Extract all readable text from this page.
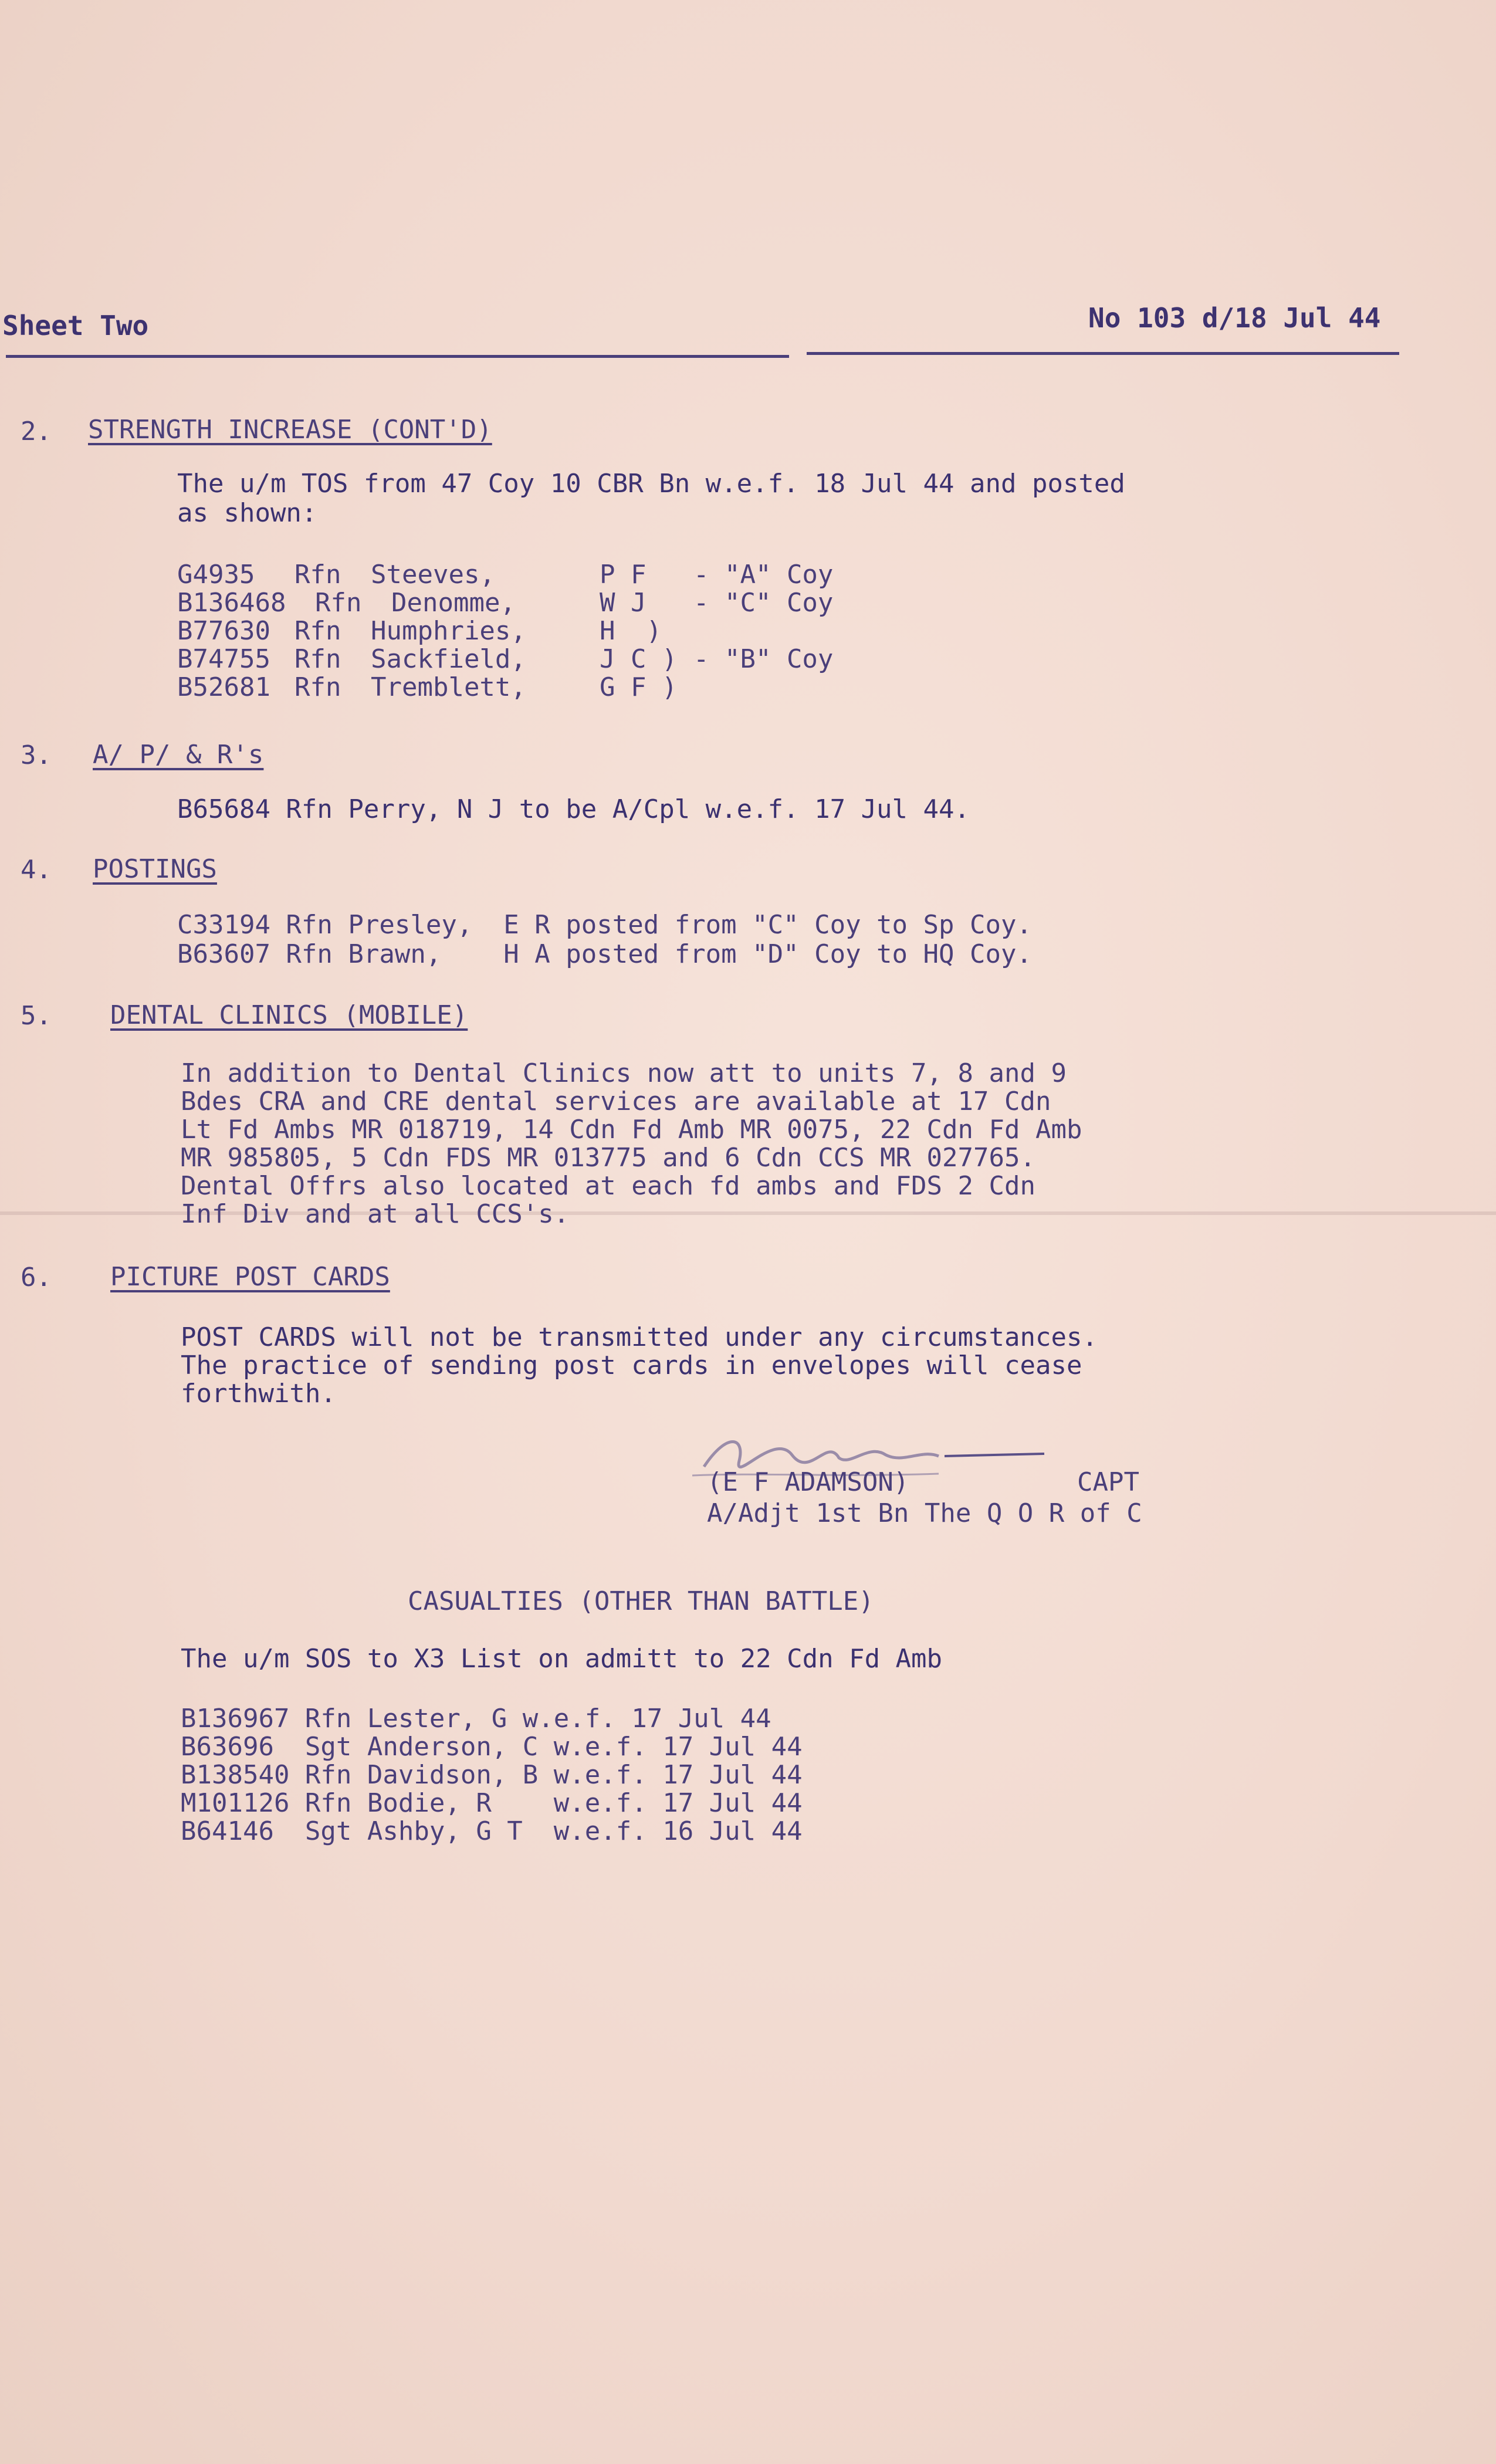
Sheet Two	No 103 d/18 Jul 44
2. STRENGTH INCREASE (CONT'D)
The u/m TOS from 47 Coy 10 CBR Bn w.e.f. 18 Jul 44 and posted
as shown:
G4935 Rfn Steeves,	P F - "A" Coy
B136468 Rfn Denomme,	W J - "C" Coy
B77630 Rfn Humphries,	H  )
B74755 Rfn Sackfield,	J C ) - "B" Coy
B52681 Rfn Tremblett,	G F )
3. A/ P/ & R's
B65684 Rfn Perry, N J to be A/Cpl w.e.f. 17 Jul 44.
4. POSTINGS
C33194 Rfn Presley,  E R posted from "C" Coy to Sp Coy.
B63607 Rfn Brawn,    H A posted from "D" Coy to HQ Coy.
5. DENTAL CLINICS (MOBILE)
In addition to Dental Clinics now att to units 7, 8 and 9
Bdes CRA and CRE dental services are available at 17 Cdn
Lt Fd Ambs MR 018719, 14 Cdn Fd Amb MR 0075, 22 Cdn Fd Amb
MR 985805, 5 Cdn FDS MR 013775 and 6 Cdn CCS MR 027765.
Dental Offrs also located at each fd ambs and FDS 2 Cdn
Inf Div and at all CCS's.
6. PICTURE POST CARDS
POST CARDS will not be transmitted under any circumstances.
The practice of sending post cards in envelopes will cease
forthwith.
(E F ADAMSON)	CAPT
A/Adjt 1st Bn The Q O R of C
CASUALTIES (OTHER THAN BATTLE)
The u/m SOS to X3 List on admitt to 22 Cdn Fd Amb
B136967 Rfn Lester, G w.e.f. 17 Jul 44
B63696  Sgt Anderson, C w.e.f. 17 Jul 44
B138540 Rfn Davidson, B w.e.f. 17 Jul 44
M101126 Rfn Bodie, R    w.e.f. 17 Jul 44
B64146  Sgt Ashby, G T  w.e.f. 16 Jul 44
